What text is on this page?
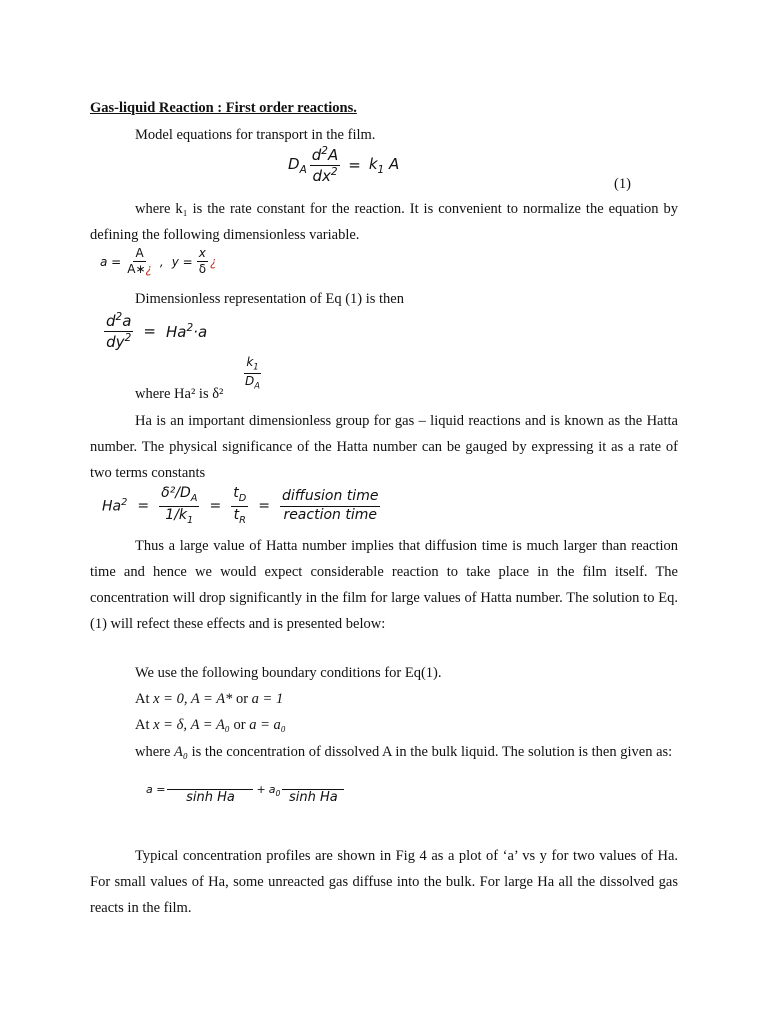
Gas-liquid Reaction : First order reactions.
Model equations for transport in the film.
$D_A \frac{d^2A}{dx^2} = k_1$ A
(1)
where k₁ is the rate constant for the reaction. It is convenient to normalize the equation by defining the following dimensionless variable.
$a = \frac{A}{A∗¿}$ , $y = \frac{x}{\delta}$ ¿
Dimensionless representation of Eq (1) is then
$\frac{d^2a}{dy^2} = Ha^2\cdot a$
where Ha² is δ²
$\frac{k_1}{D_A}$
Ha is an important dimensionless group for gas – liquid reactions and is known as the Hatta number. The physical significance of the Hatta number can be gauged by expressing it as a rate of two terms constants
$Ha^2 = \frac{\delta^2/D_A}{1/k_1} = \frac{t_D}{t_R} = \frac{\text{diffusion time}}{\text{reaction time}}$
Thus a large value of Hatta number implies that diffusion time is much larger than reaction time and hence we would expect considerable reaction to take place in the film itself. The concentration will drop significantly in the film for large values of Hatta number. The solution to Eq. (1) will refect these effects and is presented below:
We use the following boundary conditions for Eq(1).
At x = 0, A = A* or a = 1
At x = δ, A = A₀ or a = a₀
where A₀ is the concentration of dissolved A in the bulk liquid. The solution is then given as:
a =
sinh Ha
+ $a_0$ sinh Ha
Typical concentration profiles are shown in Fig 4 as a plot of ‘a’ vs y for two values of Ha. For small values of Ha, some unreacted gas diffuse into the bulk. For large Ha all the dissolved gas reacts in the film.
